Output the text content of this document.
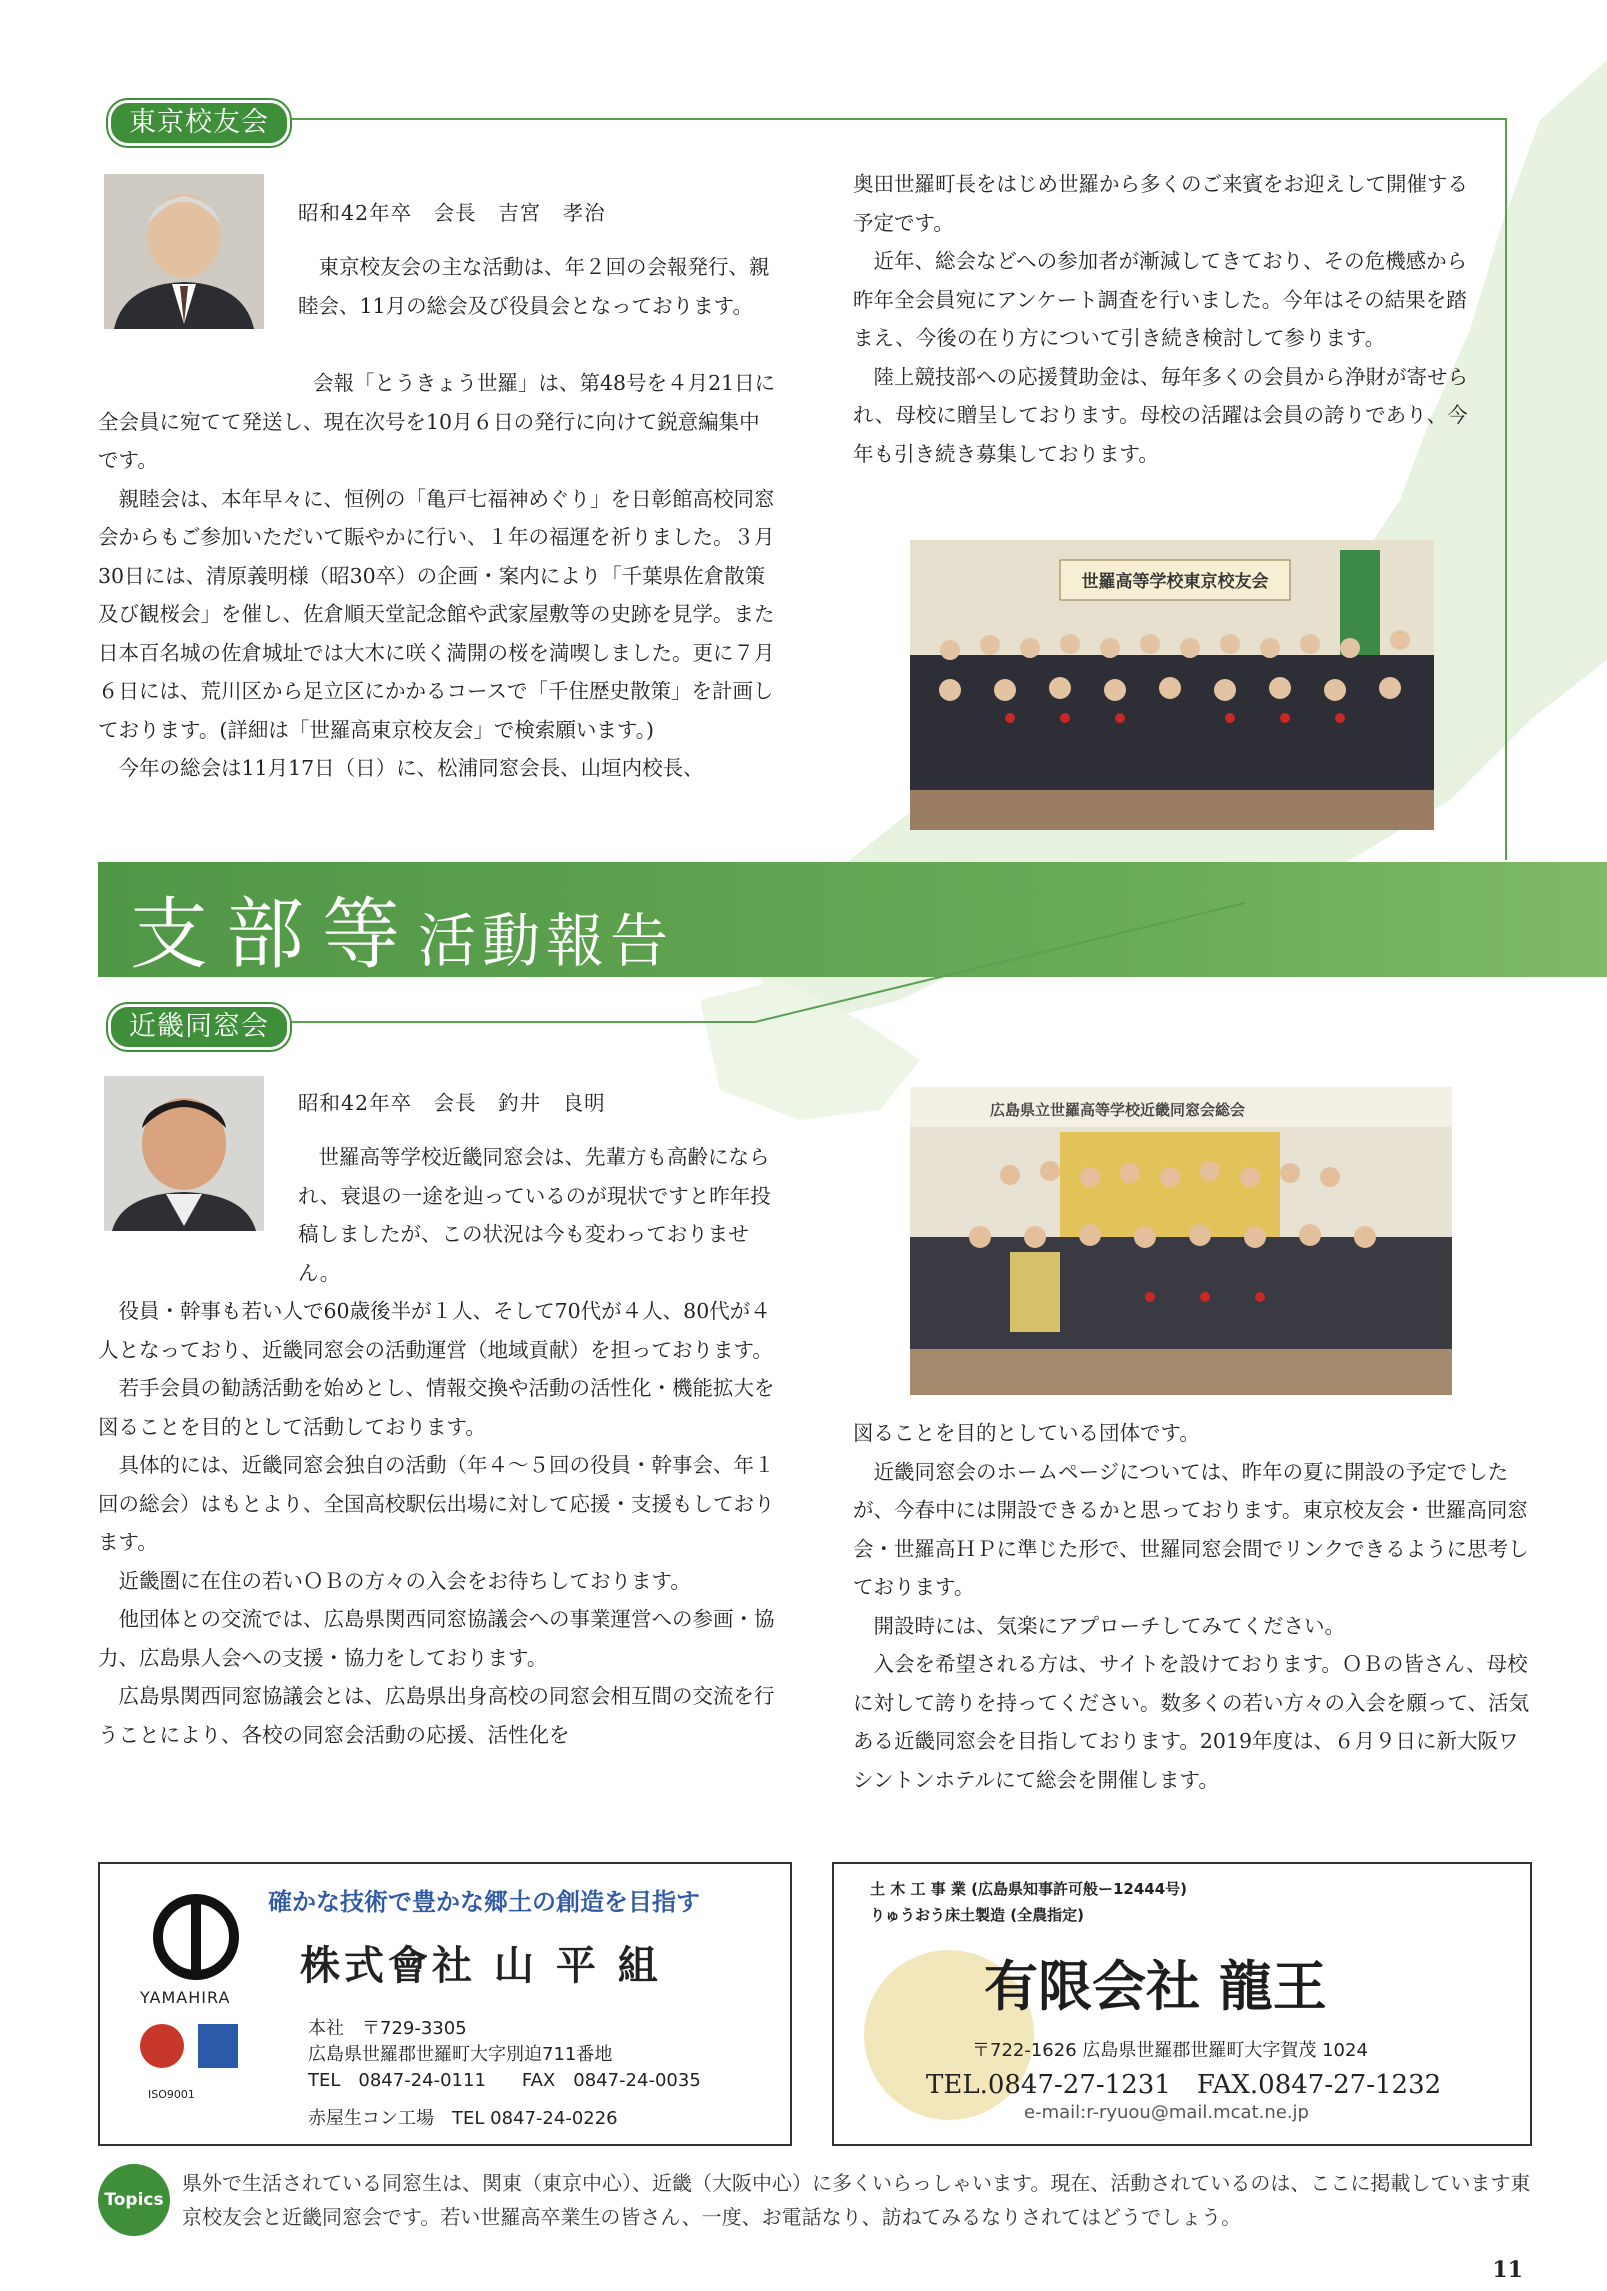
東京校友会
昭和42年卒　会長　吉宮　孝治

東京校友会の主な活動は、年２回の会報発行、親睦会、11月の総会及び役員会となっております。

会報「とうきょう世羅」は、第48号を４月21日に全会員に宛てて発送し、現在次号を10月６日の発行に向けて鋭意編集中です。

親睦会は、本年早々に、恒例の「亀戸七福神めぐり」を日彰館高校同窓会からもご参加いただいて賑やかに行い、１年の福運を祈りました。３月30日には、清原義明様（昭30卒）の企画・案内により「千葉県佐倉散策及び観桜会」を催し、佐倉順天堂記念館や武家屋敷等の史跡を見学。また日本百名城の佐倉城址では大木に咲く満開の桜を満喫しました。更に７月６日には、荒川区から足立区にかかるコースで「千住歴史散策」を計画しております。(詳細は「世羅高東京校友会」で検索願います。)

今年の総会は11月17日（日）に、松浦同窓会長、山垣内校長、

奥田世羅町長をはじめ世羅から多くのご来賓をお迎えして開催する予定です。

近年、総会などへの参加者が漸減してきており、その危機感から昨年全会員宛にアンケート調査を行いました。今年はその結果を踏まえ、今後の在り方について引き続き検討して参ります。

陸上競技部への応援賛助金は、毎年多くの会員から浄財が寄せられ、母校に贈呈しております。母校の活躍は会員の誇りであり、今年も引き続き募集しております。

世羅高等学校東京校友会
支部等活動報告
近畿同窓会
昭和42年卒　会長　釣井　良明

世羅高等学校近畿同窓会は、先輩方も高齢になられ、衰退の一途を辿っているのが現状ですと昨年投稿しましたが、この状況は今も変わっておりません。

役員・幹事も若い人で60歳後半が１人、そして70代が４人、80代が４人となっており、近畿同窓会の活動運営（地域貢献）を担っております。

若手会員の勧誘活動を始めとし、情報交換や活動の活性化・機能拡大を図ることを目的として活動しております。

具体的には、近畿同窓会独自の活動（年４～５回の役員・幹事会、年１回の総会）はもとより、全国高校駅伝出場に対して応援・支援もしております。

近畿圏に在住の若いＯＢの方々の入会をお待ちしております。

他団体との交流では、広島県関西同窓協議会への事業運営への参画・協力、広島県人会への支援・協力をしております。

広島県関西同窓協議会とは、広島県出身高校の同窓会相互間の交流を行うことにより、各校の同窓会活動の応援、活性化を

広島県立世羅高等学校近畿同窓会総会

図ることを目的としている団体です。

近畿同窓会のホームページについては、昨年の夏に開設の予定でしたが、今春中には開設できるかと思っております。東京校友会・世羅高同窓会・世羅高ＨＰに準じた形で、世羅同窓会間でリンクできるように思考しております。

開設時には、気楽にアプローチしてみてください。

入会を希望される方は、サイトを設けております。ＯＢの皆さん、母校に対して誇りを持ってください。数多くの若い方々の入会を願って、活気ある近畿同窓会を目指しております。2019年度は、６月９日に新大阪ワシントンホテルにて総会を開催します。

YAMAHIRA
ISO9001
確かな技術で豊かな郷土の創造を目指す
株式會社 山 平 組
本社　〒729-3305
広島県世羅郡世羅町大字別迫711番地
TEL　0847-24-0111　　FAX　0847-24-0035
赤屋生コン工場　TEL 0847-24-0226
土 木 工 事 業 (広島県知事許可般ー12444号)
りゅうおう床土製造 (全農指定)
有限会社 龍王
〒722-1626 広島県世羅郡世羅町大字賀茂 1024
TEL.0847-27-1231　FAX.0847-27-1232
e-mail:r-ryuou@mail.mcat.ne.jp
Topics
県外で生活されている同窓生は、関東（東京中心）、近畿（大阪中心）に多くいらっしゃいます。現在、活動されているのは、ここに掲載しています東京校友会と近畿同窓会です。若い世羅高卒業生の皆さん、一度、お電話なり、訪ねてみるなりされてはどうでしょう。
11
